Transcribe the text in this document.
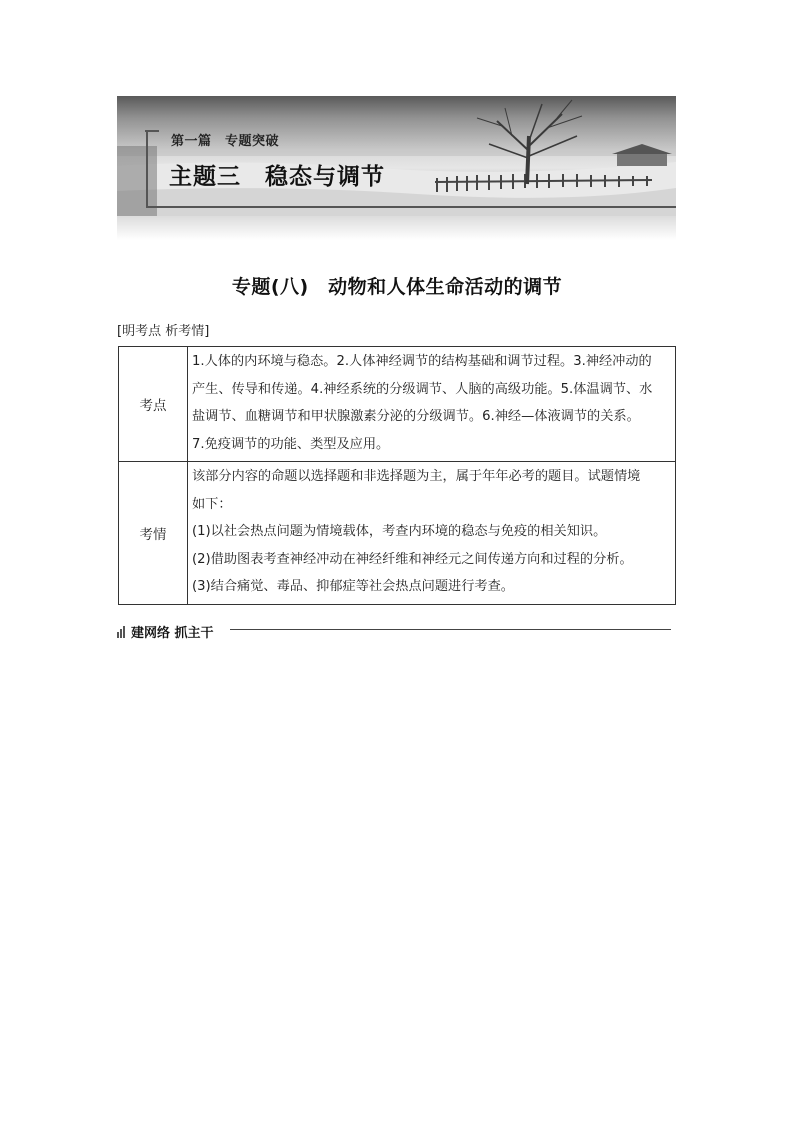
第一篇　专题突破
主题三　稳态与调节
专题(八)　动物和人体生命活动的调节
[明考点 析考情]
考点	1.人体的内环境与稳态。2.人体神经调节的结构基础和调节过程。3.神经冲动的
产生、传导和传递。4.神经系统的分级调节、人脑的高级功能。5.体温调节、水
盐调节、血糖调节和甲状腺激素分泌的分级调节。6.神经—体液调节的关系。
7.免疫调节的功能、类型及应用。

考情	该部分内容的命题以选择题和非选择题为主，属于年年必考的题目。试题情境
如下：
(1)以社会热点问题为情境载体，考查内环境的稳态与免疫的相关知识。
(2)借助图表考查神经冲动在神经纤维和神经元之间传递方向和过程的分析。
(3)结合痛觉、毒品、抑郁症等社会热点问题进行考查。
建网络 抓主干
